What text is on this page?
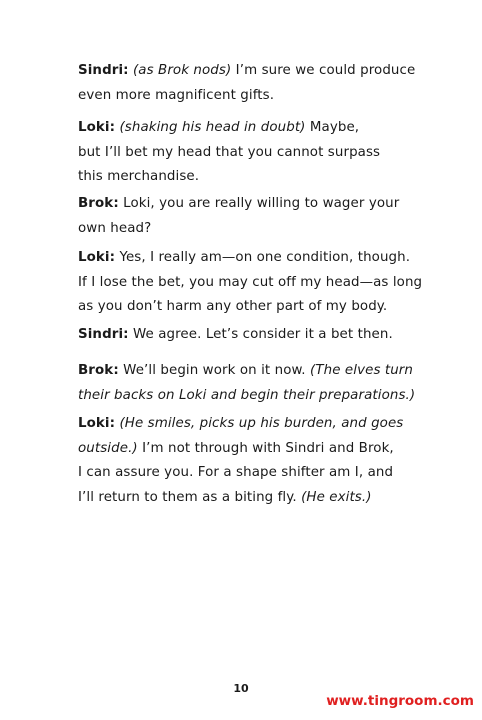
Sindri: (as Brok nods) I’m sure we could produce
even more magnificent gifts.
Loki: (shaking his head in doubt) Maybe,
but I’ll bet my head that you cannot surpass
this merchandise.
Brok: Loki, you are really willing to wager your
own head?
Loki: Yes, I really am—on one condition, though.
If I lose the bet, you may cut off my head—as long
as you don’t harm any other part of my body.
Sindri: We agree. Let’s consider it a bet then.
Brok: We’ll begin work on it now. (The elves turn
their backs on Loki and begin their preparations.)
Loki: (He smiles, picks up his burden, and goes
outside.) I’m not through with Sindri and Brok,
I can assure you. For a shape shifter am I, and
I’ll return to them as a biting fly. (He exits.)
10
www.tingroom.com
